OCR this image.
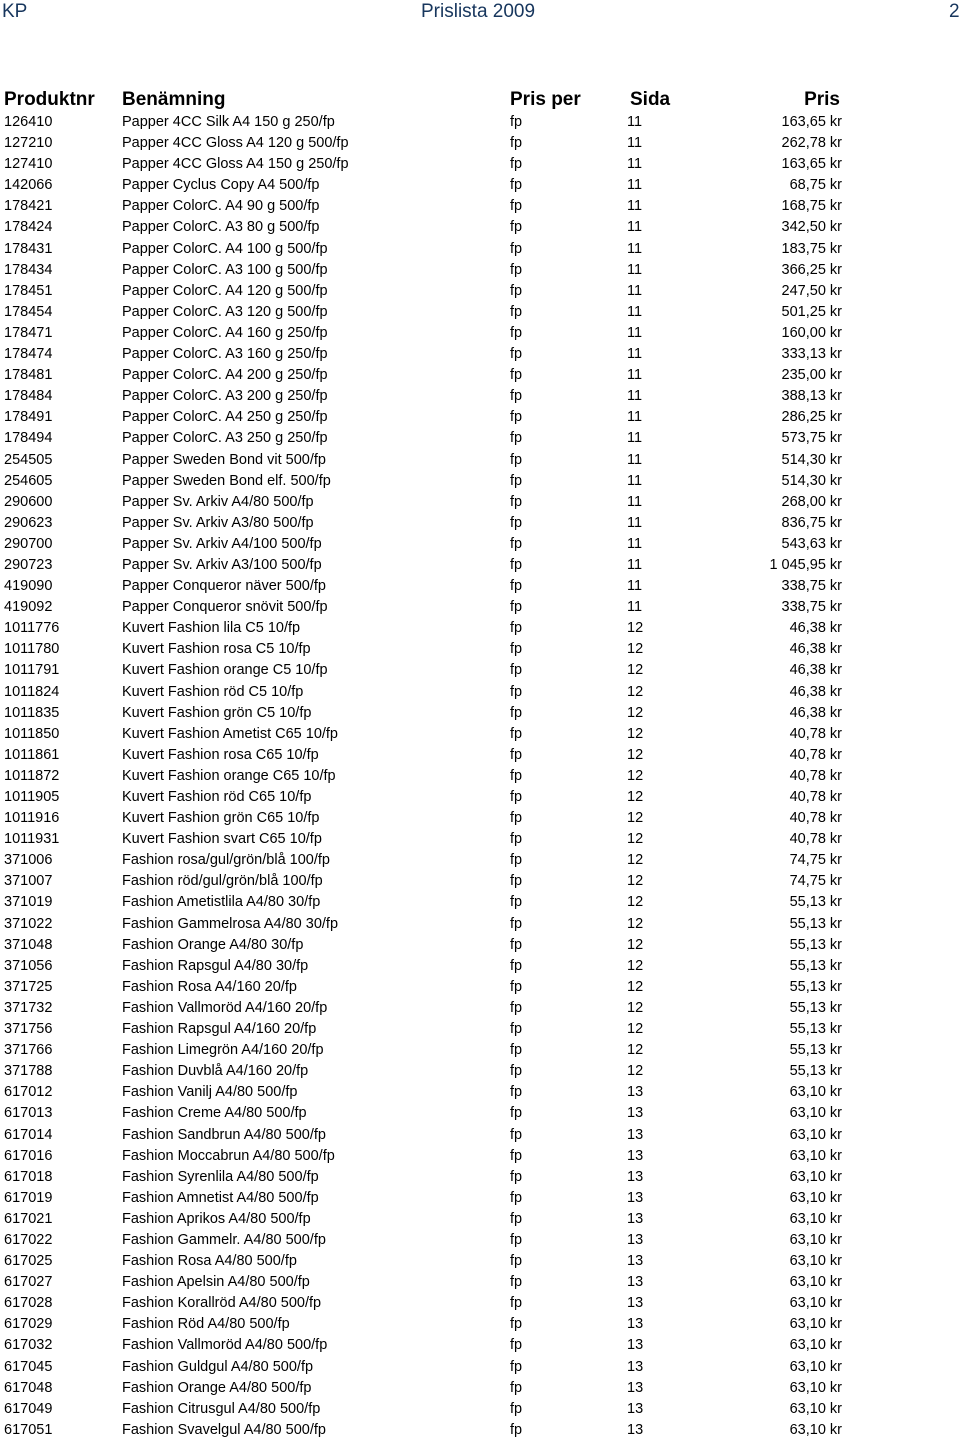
KP	Prislista 2009	2
Produktnr Benämning	Pris per	Sida	Pris
126410	Papper 4CC Silk A4 150 g 250/fp	fp	11	163,65 kr
127210	Papper 4CC Gloss A4 120 g 500/fp	fp	11	262,78 kr
127410	Papper 4CC Gloss A4 150 g 250/fp	fp	11	163,65 kr
142066	Papper Cyclus Copy A4 500/fp	fp	11	68,75 kr
178421	Papper ColorC. A4 90 g 500/fp	fp	11	168,75 kr
178424	Papper ColorC. A3 80 g 500/fp	fp	11	342,50 kr
178431	Papper ColorC. A4 100 g 500/fp	fp	11	183,75 kr
178434	Papper ColorC. A3 100 g 500/fp	fp	11	366,25 kr
178451	Papper ColorC. A4 120 g 500/fp	fp	11	247,50 kr
178454	Papper ColorC. A3 120 g 500/fp	fp	11	501,25 kr
178471	Papper ColorC. A4 160 g 250/fp	fp	11	160,00 kr
178474	Papper ColorC. A3 160 g 250/fp	fp	11	333,13 kr
178481	Papper ColorC. A4 200 g 250/fp	fp	11	235,00 kr
178484	Papper ColorC. A3 200 g 250/fp	fp	11	388,13 kr
178491	Papper ColorC. A4 250 g 250/fp	fp	11	286,25 kr
178494	Papper ColorC. A3 250 g 250/fp	fp	11	573,75 kr
254505	Papper Sweden Bond vit 500/fp	fp	11	514,30 kr
254605	Papper Sweden Bond elf. 500/fp	fp	11	514,30 kr
290600	Papper Sv. Arkiv A4/80 500/fp	fp	11	268,00 kr
290623	Papper Sv. Arkiv A3/80 500/fp	fp	11	836,75 kr
290700	Papper Sv. Arkiv A4/100 500/fp	fp	11	543,63 kr
290723	Papper Sv. Arkiv A3/100 500/fp	fp	11	1 045,95 kr
419090	Papper Conqueror näver 500/fp	fp	11	338,75 kr
419092	Papper Conqueror snövit 500/fp	fp	11	338,75 kr
1011776	Kuvert Fashion lila C5 10/fp	fp	12	46,38 kr
1011780	Kuvert Fashion rosa C5 10/fp	fp	12	46,38 kr
1011791	Kuvert Fashion orange C5 10/fp	fp	12	46,38 kr
1011824	Kuvert Fashion röd C5 10/fp	fp	12	46,38 kr
1011835	Kuvert Fashion grön C5 10/fp	fp	12	46,38 kr
1011850	Kuvert Fashion Ametist C65 10/fp	fp	12	40,78 kr
1011861	Kuvert Fashion rosa C65 10/fp	fp	12	40,78 kr
1011872	Kuvert Fashion orange C65 10/fp	fp	12	40,78 kr
1011905	Kuvert Fashion röd C65 10/fp	fp	12	40,78 kr
1011916	Kuvert Fashion grön C65 10/fp	fp	12	40,78 kr
1011931	Kuvert Fashion svart C65 10/fp	fp	12	40,78 kr
371006	Fashion rosa/gul/grön/blå 100/fp	fp	12	74,75 kr
371007	Fashion röd/gul/grön/blå 100/fp	fp	12	74,75 kr
371019	Fashion Ametistlila A4/80 30/fp	fp	12	55,13 kr
371022	Fashion Gammelrosa A4/80 30/fp	fp	12	55,13 kr
371048	Fashion Orange A4/80 30/fp	fp	12	55,13 kr
371056	Fashion Rapsgul A4/80 30/fp	fp	12	55,13 kr
371725	Fashion Rosa A4/160 20/fp	fp	12	55,13 kr
371732	Fashion Vallmoröd A4/160 20/fp	fp	12	55,13 kr
371756	Fashion Rapsgul A4/160 20/fp	fp	12	55,13 kr
371766	Fashion Limegrön A4/160 20/fp	fp	12	55,13 kr
371788	Fashion Duvblå A4/160 20/fp	fp	12	55,13 kr
617012	Fashion Vanilj A4/80 500/fp	fp	13	63,10 kr
617013	Fashion Creme A4/80 500/fp	fp	13	63,10 kr
617014	Fashion Sandbrun A4/80 500/fp	fp	13	63,10 kr
617016	Fashion Moccabrun A4/80 500/fp	fp	13	63,10 kr
617018	Fashion Syrenlila A4/80 500/fp	fp	13	63,10 kr
617019	Fashion Amnetist A4/80 500/fp	fp	13	63,10 kr
617021	Fashion Aprikos A4/80 500/fp	fp	13	63,10 kr
617022	Fashion Gammelr. A4/80 500/fp	fp	13	63,10 kr
617025	Fashion Rosa A4/80 500/fp	fp	13	63,10 kr
617027	Fashion Apelsin A4/80 500/fp	fp	13	63,10 kr
617028	Fashion Korallröd A4/80 500/fp	fp	13	63,10 kr
617029	Fashion Röd A4/80 500/fp	fp	13	63,10 kr
617032	Fashion Vallmoröd A4/80 500/fp	fp	13	63,10 kr
617045	Fashion Guldgul A4/80 500/fp	fp	13	63,10 kr
617048	Fashion Orange A4/80 500/fp	fp	13	63,10 kr
617049	Fashion Citrusgul A4/80 500/fp	fp	13	63,10 kr
617051	Fashion Svavelgul A4/80 500/fp	fp	13	63,10 kr
